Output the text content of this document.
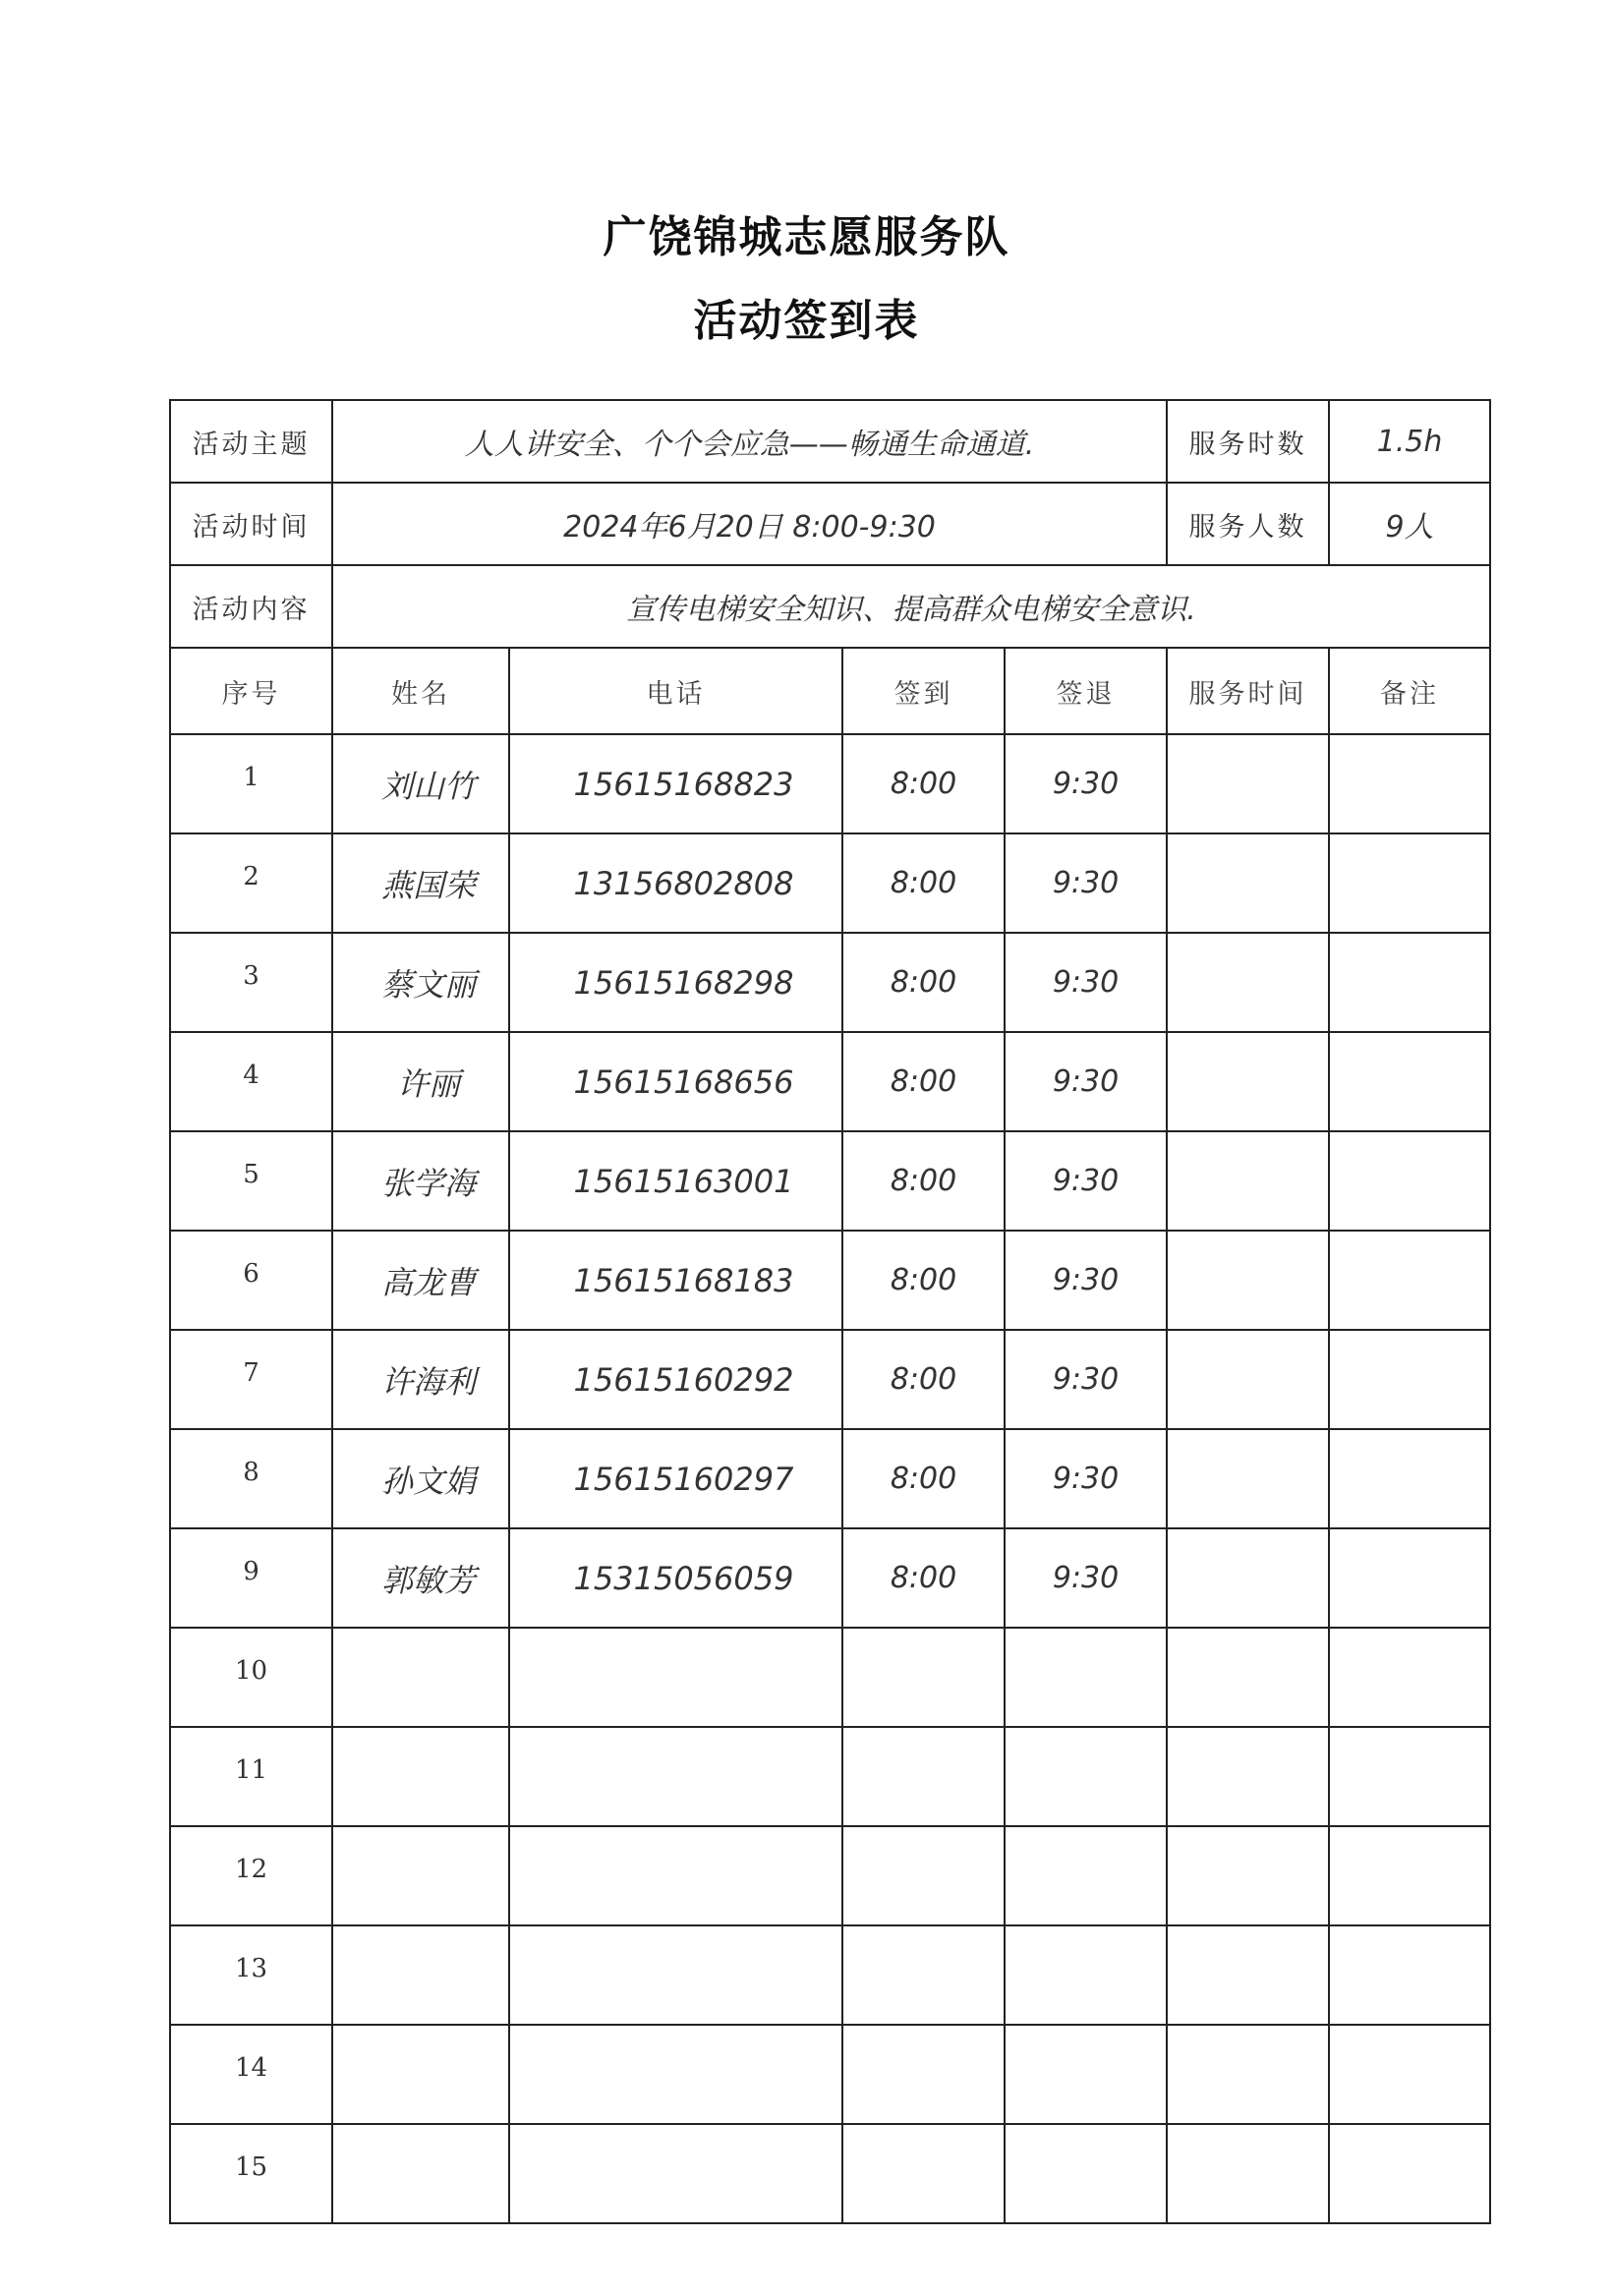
广饶锦城志愿服务队
活动签到表
活动主题	人人讲安全、个个会应急——畅通生命通道.				服务时数	1.5h
活动时间	2024年6月20日 8:00-9:30				服务人数	9人
活动内容	宣传电梯安全知识、提高群众电梯安全意识.					
序号	姓名	电话	签到	签退	服务时间	备注
1	刘山竹	15615168823	8:00	9:30		
2	燕国荣	13156802808	8:00	9:30		
3	蔡文丽	15615168298	8:00	9:30		
4	许丽	15615168656	8:00	9:30		
5	张学海	15615163001	8:00	9:30		
6	高龙曹	15615168183	8:00	9:30		
7	许海利	15615160292	8:00	9:30		
8	孙文娟	15615160297	8:00	9:30		
9	郭敏芳	15315056059	8:00	9:30		
10						
11						
12						
13						
14						
15						
